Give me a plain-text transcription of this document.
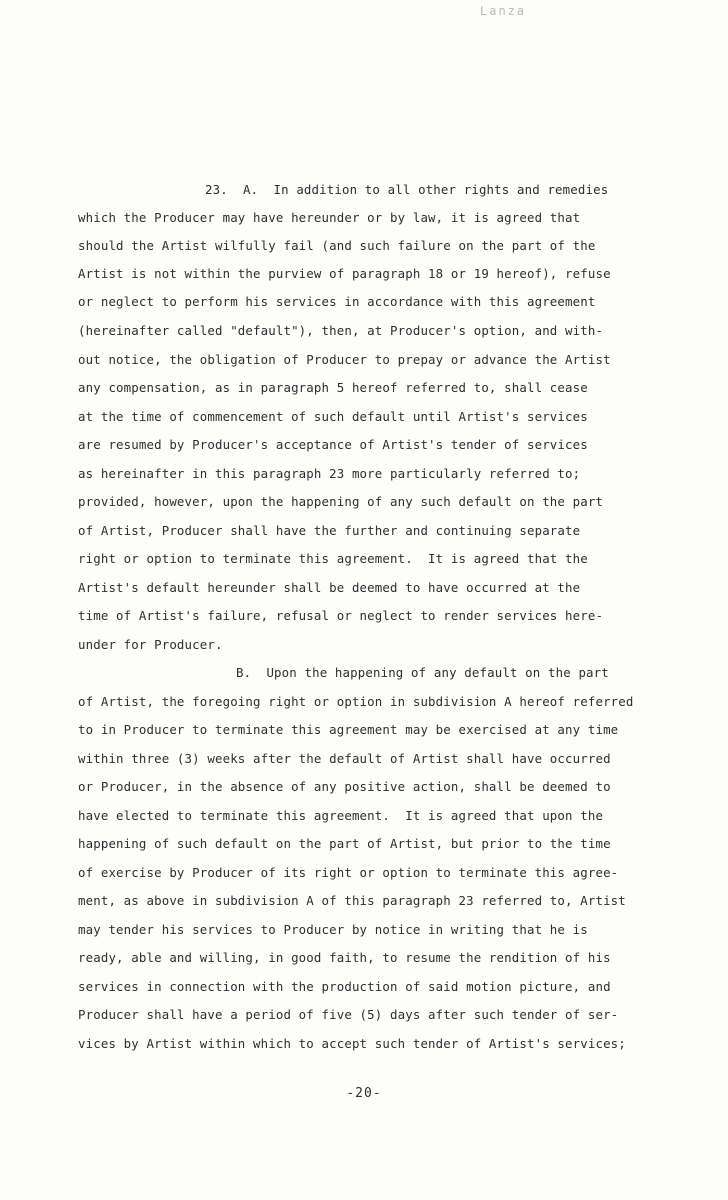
Lanza
23.  A.  In addition to all other rights and remedies
which the Producer may have hereunder or by law, it is agreed that
should the Artist wilfully fail (and such failure on the part of the
Artist is not within the purview of paragraph 18 or 19 hereof), refuse
or neglect to perform his services in accordance with this agreement
(hereinafter called "default"), then, at Producer's option, and with-
out notice, the obligation of Producer to prepay or advance the Artist
any compensation, as in paragraph 5 hereof referred to, shall cease
at the time of commencement of such default until Artist's services
are resumed by Producer's acceptance of Artist's tender of services
as hereinafter in this paragraph 23 more particularly referred to;
provided, however, upon the happening of any such default on the part
of Artist, Producer shall have the further and continuing separate
right or option to terminate this agreement.  It is agreed that the
Artist's default hereunder shall be deemed to have occurred at the
time of Artist's failure, refusal or neglect to render services here-
under for Producer.
B.  Upon the happening of any default on the part
of Artist, the foregoing right or option in subdivision A hereof referred
to in Producer to terminate this agreement may be exercised at any time
within three (3) weeks after the default of Artist shall have occurred
or Producer, in the absence of any positive action, shall be deemed to
have elected to terminate this agreement.  It is agreed that upon the
happening of such default on the part of Artist, but prior to the time
of exercise by Producer of its right or option to terminate this agree-
ment, as above in subdivision A of this paragraph 23 referred to, Artist
may tender his services to Producer by notice in writing that he is
ready, able and willing, in good faith, to resume the rendition of his
services in connection with the production of said motion picture, and
Producer shall have a period of five (5) days after such tender of ser-
vices by Artist within which to accept such tender of Artist's services;
-20-
